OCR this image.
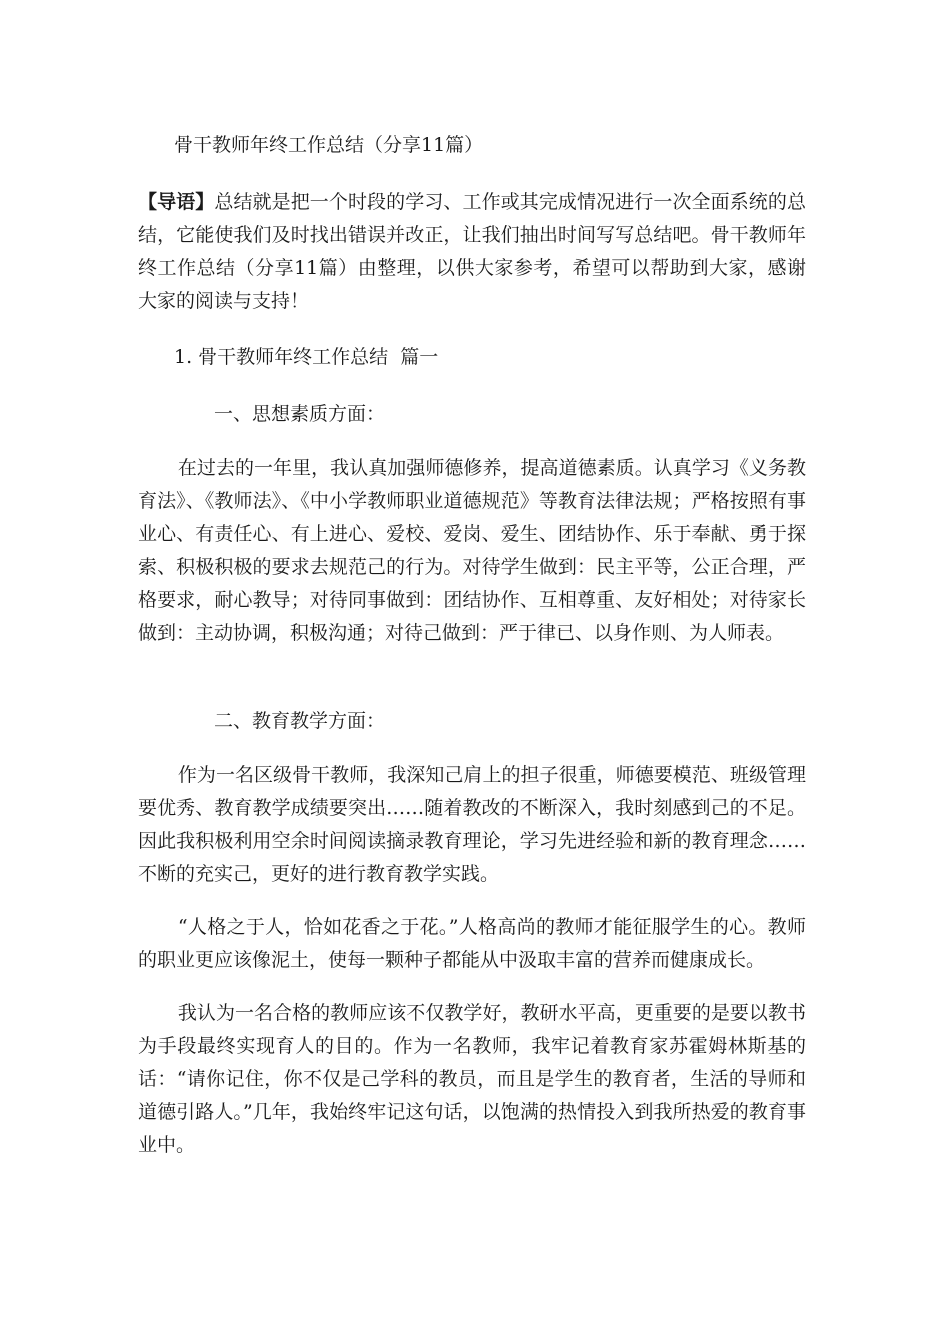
骨干教师年终工作总结（分享11篇）

【导语】总结就是把一个时段的学习、工作或其完成情况进行一次全面系统的总结，它能使我们及时找出错误并改正，让我们抽出时间写写总结吧。骨干教师年终工作总结（分享11篇）由整理，以供大家参考，希望可以帮助到大家，感谢大家的阅读与支持！

1. 骨干教师年终工作总结  篇一

一、思想素质方面：

在过去的一年里，我认真加强师德修养，提高道德素质。认真学习《义务教育法》、《教师法》、《中小学教师职业道德规范》等教育法律法规；严格按照有事业心、有责任心、有上进心、爱校、爱岗、爱生、团结协作、乐于奉献、勇于探索、积极积极的要求去规范己的行为。对待学生做到：民主平等，公正合理，严格要求，耐心教导；对待同事做到：团结协作、互相尊重、友好相处；对待家长做到：主动协调，积极沟通；对待己做到：严于律已、以身作则、为人师表。

二、教育教学方面：

作为一名区级骨干教师，我深知己肩上的担子很重，师德要模范、班级管理要优秀、教育教学成绩要突出……随着教改的不断深入，我时刻感到己的不足。因此我积极利用空余时间阅读摘录教育理论，学习先进经验和新的教育理念……不断的充实己，更好的进行教育教学实践。

“人格之于人，恰如花香之于花。”人格高尚的教师才能征服学生的心。教师的职业更应该像泥土，使每一颗种子都能从中汲取丰富的营养而健康成长。

我认为一名合格的教师应该不仅教学好，教研水平高，更重要的是要以教书为手段最终实现育人的目的。作为一名教师，我牢记着教育家苏霍姆林斯基的话：“请你记住，你不仅是己学科的教员，而且是学生的教育者，生活的导师和道德引路人。”几年，我始终牢记这句话，以饱满的热情投入到我所热爱的教育事业中。
